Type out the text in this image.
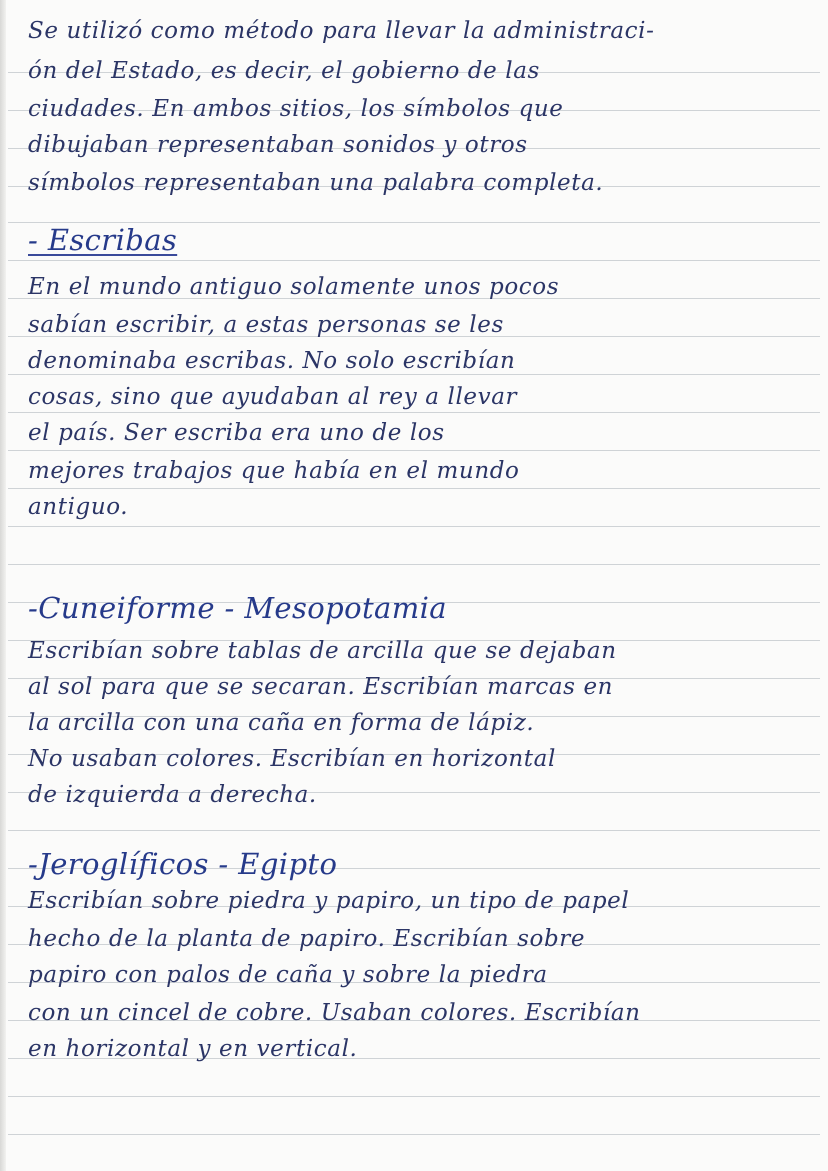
Se utilizó como método para llevar la administraci-
ón del Estado, es decir, el gobierno de las
ciudades. En ambos sitios, los símbolos que
dibujaban representaban sonidos y otros
símbolos representaban una palabra completa.
- Escribas
En el mundo antiguo solamente unos pocos
sabían escribir, a estas personas se les
denominaba escribas. No solo escribían
cosas, sino que ayudaban al rey a llevar
el país. Ser escriba era uno de los
mejores trabajos que había en el mundo
antiguo.
-Cuneiforme - Mesopotamia
Escribían sobre tablas de arcilla que se dejaban
al sol para que se secaran. Escribían marcas en
la arcilla con una caña en forma de lápiz.
No usaban colores. Escribían en horizontal
de izquierda a derecha.
-Jeroglíficos - Egipto
Escribían sobre piedra y papiro, un tipo de papel
hecho de la planta de papiro. Escribían sobre
papiro con palos de caña y sobre la piedra
con un cincel de cobre. Usaban colores. Escribían
en horizontal y en vertical.
